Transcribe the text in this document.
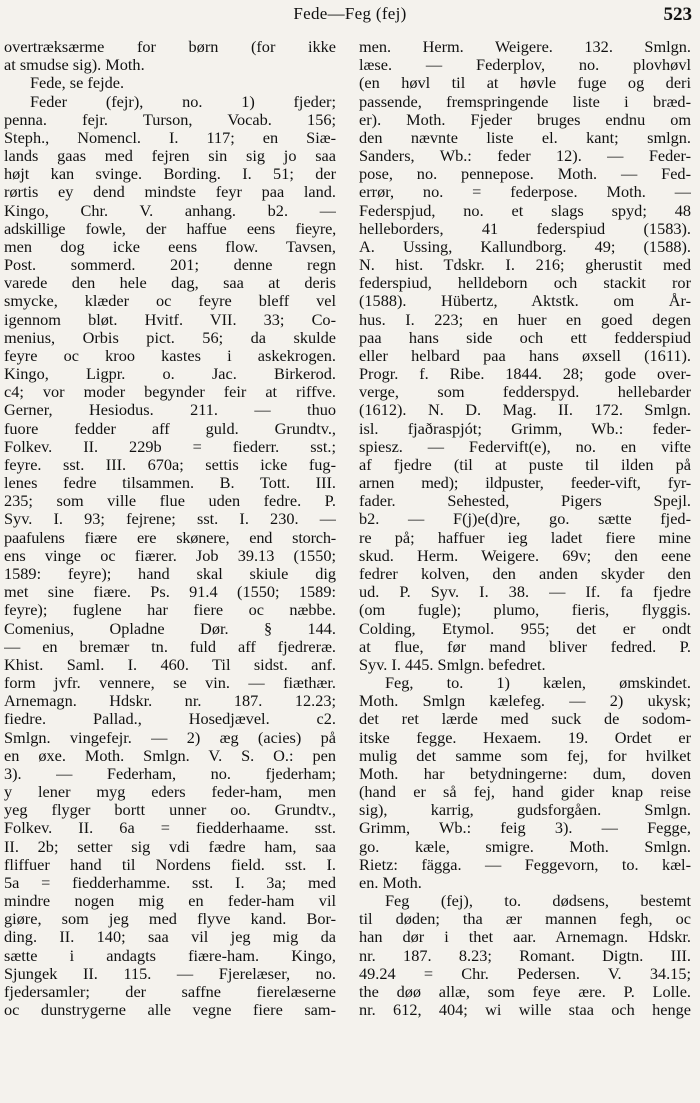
Fede—Feg (fej)	523
overtræksærme for børn (for ikke
at smudse sig). Moth.
Fede, se fejde.
Feder (fejr), no. 1) fjeder;
penna. fejr. Turson, Vocab. 156;
Steph., Nomencl. I. 117; en Siæ-
lands gaas med fejren sin sig jo saa
højt kan svinge. Bording. I. 51; der
rørtis ey dend mindste feyr paa land.
Kingo, Chr. V. anhang. b2. —
adskillige fowle, der haffue eens fieyre,
men dog icke eens flow. Tavsen,
Post. sommerd. 201; denne regn
varede den hele dag, saa at deris
smycke, klæder oc feyre bleff vel
igennom bløt. Hvitf. VII. 33; Co-
menius, Orbis pict. 56; da skulde
feyre oc kroo kastes i askekrogen.
Kingo, Ligpr. o. Jac. Birkerod.
c4; vor moder begynder feir at riffve.
Gerner, Hesiodus. 211. — thuo
fuore fedder aff guld. Grundtv.,
Folkev. II. 229b = fiederr. sst.;
feyre. sst. III. 670a; settis icke fug-
lenes fedre tilsammen. B. Tott. III.
235; som ville flue uden fedre. P.
Syv. I. 93; fejrene; sst. I. 230. —
paafulens fiære ere skønere, end storch-
ens vinge oc fiærer. Job 39.13 (1550;
1589: feyre); hand skal skiule dig
met sine fiære. Ps. 91.4 (1550; 1589:
feyre); fuglene har fiere oc næbbe.
Comenius, Opladne Dør. § 144.
— en bremær tn. fuld aff fjedreræ.
Khist. Saml. I. 460. Til sidst. anf.
form jvfr. vennere, se vin. — fiæthær.
Arnemagn. Hdskr. nr. 187. 12.23;
fiedre. Pallad., Hosedjævel. c2.
Smlgn. vingefejr. — 2) æg (acies) på
en øxe. Moth. Smlgn. V. S. O.: pen
3). — Federham, no. fjederham;
y lener myg eders feder-ham, men
yeg flyger bortt unner oo. Grundtv.,
Folkev. II. 6a = fiedderhaame. sst.
II. 2b; setter sig vdi fædre ham, saa
fliffuer hand til Nordens field. sst. I.
5a = fiedderhamme. sst. I. 3a; med
mindre nogen mig en feder-ham vil
giøre, som jeg med flyve kand. Bor-
ding. II. 140; saa vil jeg mig da
sætte i andagts fiære-ham. Kingo,
Sjungek II. 115. — Fjerelæser, no.
fjedersamler; der saffne fierelæserne
oc dunstrygerne alle vegne fiere sam-
men. Herm. Weigere. 132. Smlgn.
læse. — Federplov, no. plovhøvl
(en høvl til at høvle fuge og deri
passende, fremspringende liste i bræd-
er). Moth. Fjeder bruges endnu om
den nævnte liste el. kant; smlgn.
Sanders, Wb.: feder 12). — Feder-
pose, no. pennepose. Moth. — Fed-
errør, no. = federpose. Moth. —
Federspjud, no. et slags spyd; 48
helleborders, 41 federspiud (1583).
A. Ussing, Kallundborg. 49; (1588).
N. hist. Tdskr. I. 216; gherustit med
federspiud, helldeborn och stackit ror
(1588). Hübertz, Aktstk. om År-
hus. I. 223; en huer en goed degen
paa hans side och ett fedderspiud
eller helbard paa hans øxsell (1611).
Progr. f. Ribe. 1844. 28; gode over-
verge, som fedderspyd. hellebarder
(1612). N. D. Mag. II. 172. Smlgn.
isl. fjaðraspjót; Grimm, Wb.: feder-
spiesz. — Federvift(e), no. en vifte
af fjedre (til at puste til ilden på
arnen med); ildpuster, feeder-vift, fyr-
fader. Sehested, Pigers Spejl.
b2. — F(j)e(d)re, go. sætte fjed-
re på; haffuer ieg ladet fiere mine
skud. Herm. Weigere. 69v; den eene
fedrer kolven, den anden skyder den
ud. P. Syv. I. 38. — If. fa fjedre
(om fugle); plumo, fieris, flyggis.
Colding, Etymol. 955; det er ondt
at flue, før mand bliver fedred. P.
Syv. I. 445. Smlgn. befedret.
Feg, to. 1) kælen, ømskindet.
Moth. Smlgn kælefeg. — 2) ukysk;
det ret lærde med suck de sodom-
itske fegge. Hexaem. 19. Ordet er
mulig det samme som fej, for hvilket
Moth. har betydningerne: dum, doven
(hand er så fej, hand gider knap reise
sig), karrig, gudsforgåen. Smlgn.
Grimm, Wb.: feig 3). — Fegge,
go. kæle, smigre. Moth. Smlgn.
Rietz: fägga. — Feggevorn, to. kæl-
en. Moth.
Feg (fej), to. dødsens, bestemt
til døden; tha ær mannen fegh, oc
han dør i thet aar. Arnemagn. Hdskr.
nr. 187. 8.23; Romant. Digtn. III.
49.24 = Chr. Pedersen. V. 34.15;
the døø allæ, som feye ære. P. Lolle.
nr. 612, 404; wi wille staa och henge
